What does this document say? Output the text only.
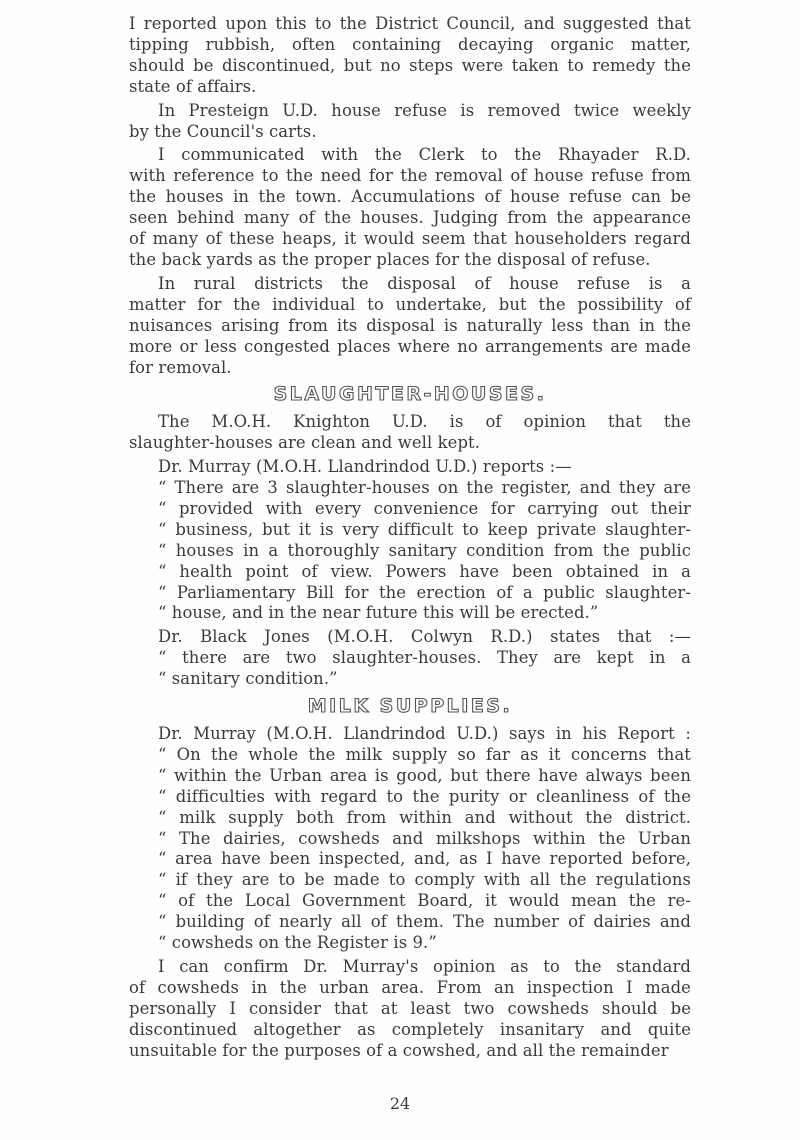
I reported upon this to the District Council, and suggested that
tipping rubbish, often containing decaying organic matter,
should be discontinued, but no steps were taken to remedy the
state of affairs.
In Presteign U.D. house refuse is removed twice weekly
by the Council's carts.
I communicated with the Clerk to the Rhayader R.D.
with reference to the need for the removal of house refuse from
the houses in the town. Accumulations of house refuse can be
seen behind many of the houses. Judging from the appearance
of many of these heaps, it would seem that householders regard
the back yards as the proper places for the disposal of refuse.
In rural districts the disposal of house refuse is a
matter for the individual to undertake, but the possibility of
nuisances arising from its disposal is naturally less than in the
more or less congested places where no arrangements are made
for removal.
SLAUGHTER-HOUSES.
The M.O.H. Knighton U.D. is of opinion that the
slaughter-houses are clean and well kept.
Dr. Murray (M.O.H. Llandrindod U.D.) reports :—
“ There are 3 slaughter-houses on the register, and they are
“ provided with every convenience for carrying out their
“ business, but it is very difficult to keep private slaughter-
“ houses in a thoroughly sanitary condition from the public
“ health point of view. Powers have been obtained in a
“ Parliamentary Bill for the erection of a public slaughter-
“ house, and in the near future this will be erected.”
Dr. Black Jones (M.O.H. Colwyn R.D.) states that :—
“ there are two slaughter-houses. They are kept in a
“ sanitary condition.”
MILK SUPPLIES.
Dr. Murray (M.O.H. Llandrindod U.D.) says in his Report :
“ On the whole the milk supply so far as it concerns that
“ within the Urban area is good, but there have always been
“ difficulties with regard to the purity or cleanliness of the
“ milk supply both from within and without the district.
“ The dairies, cowsheds and milkshops within the Urban
“ area have been inspected, and, as I have reported before,
“ if they are to be made to comply with all the regulations
“ of the Local Government Board, it would mean the re-
“ building of nearly all of them. The number of dairies and
“ cowsheds on the Register is 9.”
I can confirm Dr. Murray's opinion as to the standard
of cowsheds in the urban area. From an inspection I made
personally I consider that at least two cowsheds should be
discontinued altogether as completely insanitary and quite
unsuitable for the purposes of a cowshed, and all the remainder
24
